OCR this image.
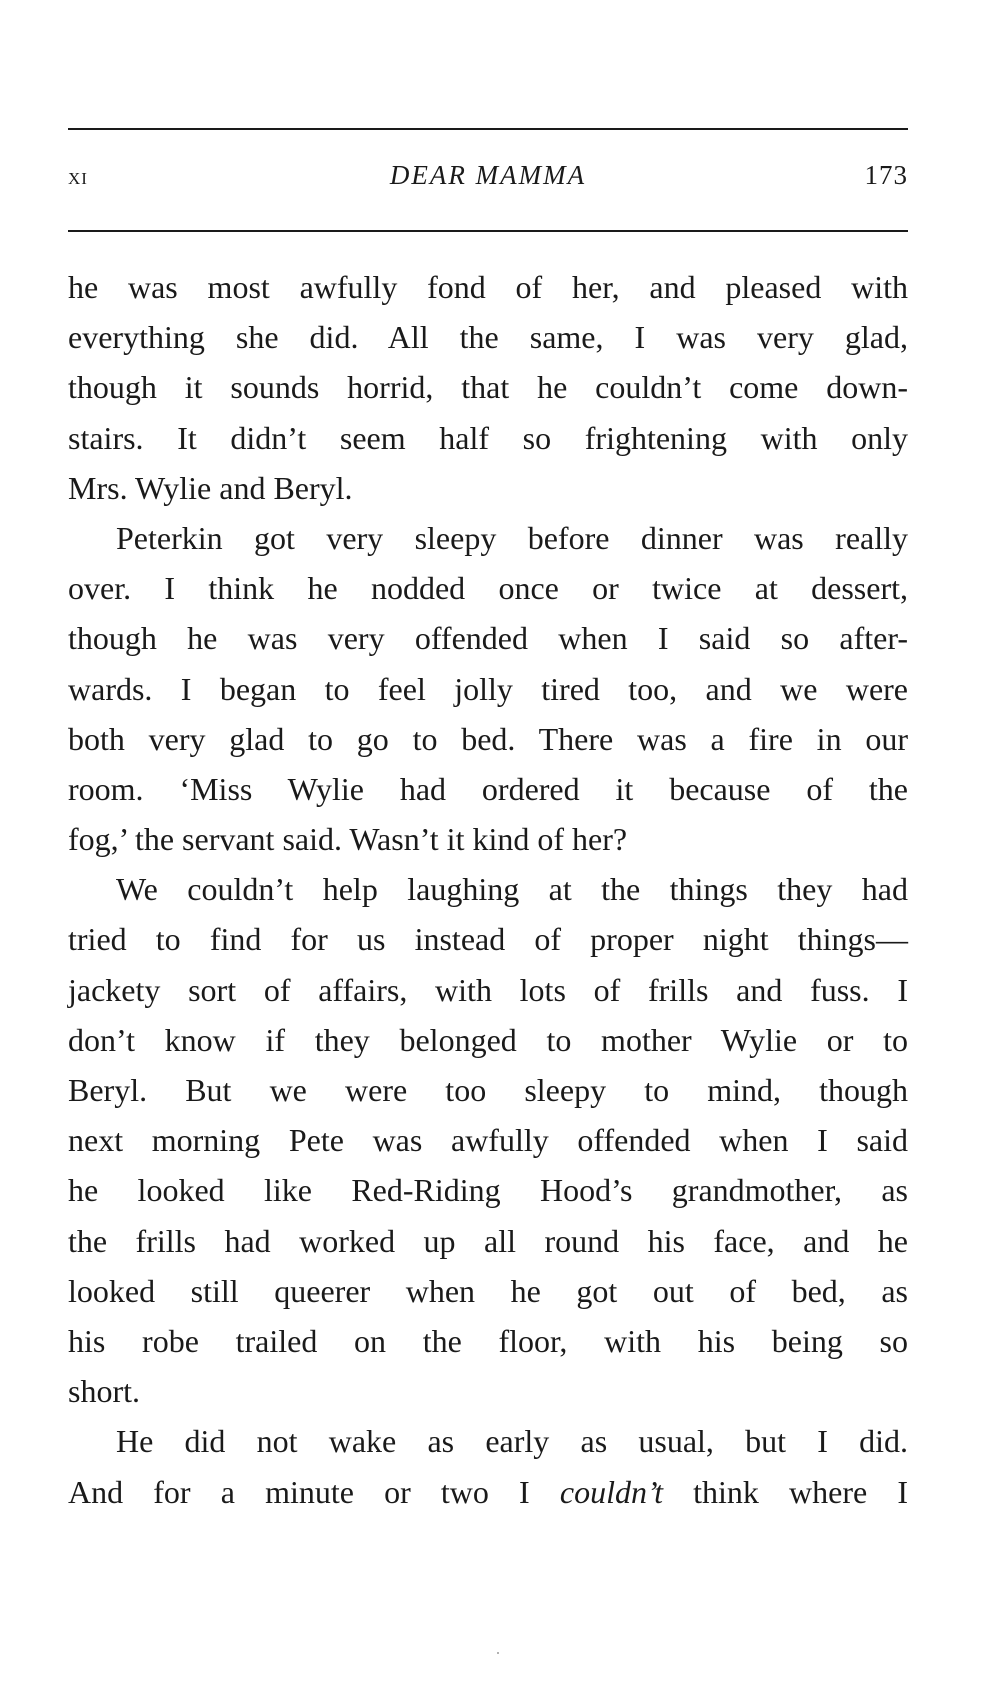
xi	DEAR MAMMA	173
he was most awfully fond of her, and pleased with
everything she did. All the same, I was very glad,
though it sounds horrid, that he couldn’t come down-
stairs. It didn’t seem half so frightening with only
Mrs. Wylie and Beryl.
Peterkin got very sleepy before dinner was really
over. I think he nodded once or twice at dessert,
though he was very offended when I said so after-
wards. I began to feel jolly tired too, and we were
both very glad to go to bed. There was a fire in our
room. ‘Miss Wylie had ordered it because of the
fog,’ the servant said. Wasn’t it kind of her?
We couldn’t help laughing at the things they had
tried to find for us instead of proper night things—
jackety sort of affairs, with lots of frills and fuss. I
don’t know if they belonged to mother Wylie or to
Beryl. But we were too sleepy to mind, though
next morning Pete was awfully offended when I said
he looked like Red-Riding Hood’s grandmother, as
the frills had worked up all round his face, and he
looked still queerer when he got out of bed, as
his robe trailed on the floor, with his being so
short.
He did not wake as early as usual, but I did.
And for a minute or two I couldn’t think where I
